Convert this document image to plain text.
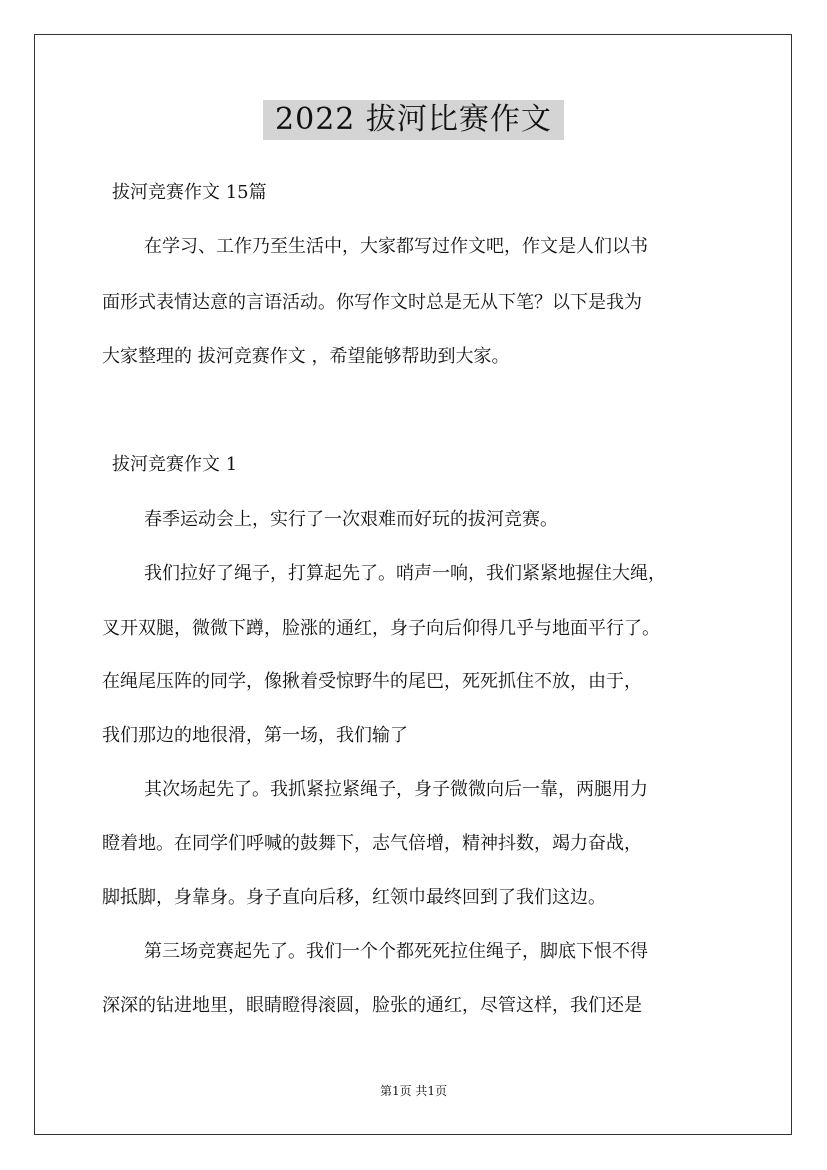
2022 拔河比赛作文
拔河竞赛作文 15篇
在学习、工作乃至生活中，大家都写过作文吧，作文是人们以书
面形式表情达意的言语活动。你写作文时总是无从下笔？以下是我为
大家整理的 拔河竞赛作文 ，希望能够帮助到大家。
拔河竞赛作文 1
春季运动会上，实行了一次艰难而好玩的拔河竞赛。
我们拉好了绳子，打算起先了。哨声一响，我们紧紧地握住大绳，
叉开双腿，微微下蹲，脸涨的通红，身子向后仰得几乎与地面平行了。
在绳尾压阵的同学，像揪着受惊野牛的尾巴，死死抓住不放，由于，
我们那边的地很滑，第一场，我们输了
其次场起先了。我抓紧拉紧绳子，身子微微向后一靠，两腿用力
瞪着地。在同学们呼喊的鼓舞下，志气倍增，精神抖数，竭力奋战，
脚抵脚，身靠身。身子直向后移，红领巾最终回到了我们这边。
第三场竞赛起先了。我们一个个都死死拉住绳子，脚底下恨不得
深深的钻进地里，眼睛瞪得滚圆，脸张的通红，尽管这样，我们还是
第1页 共1页
